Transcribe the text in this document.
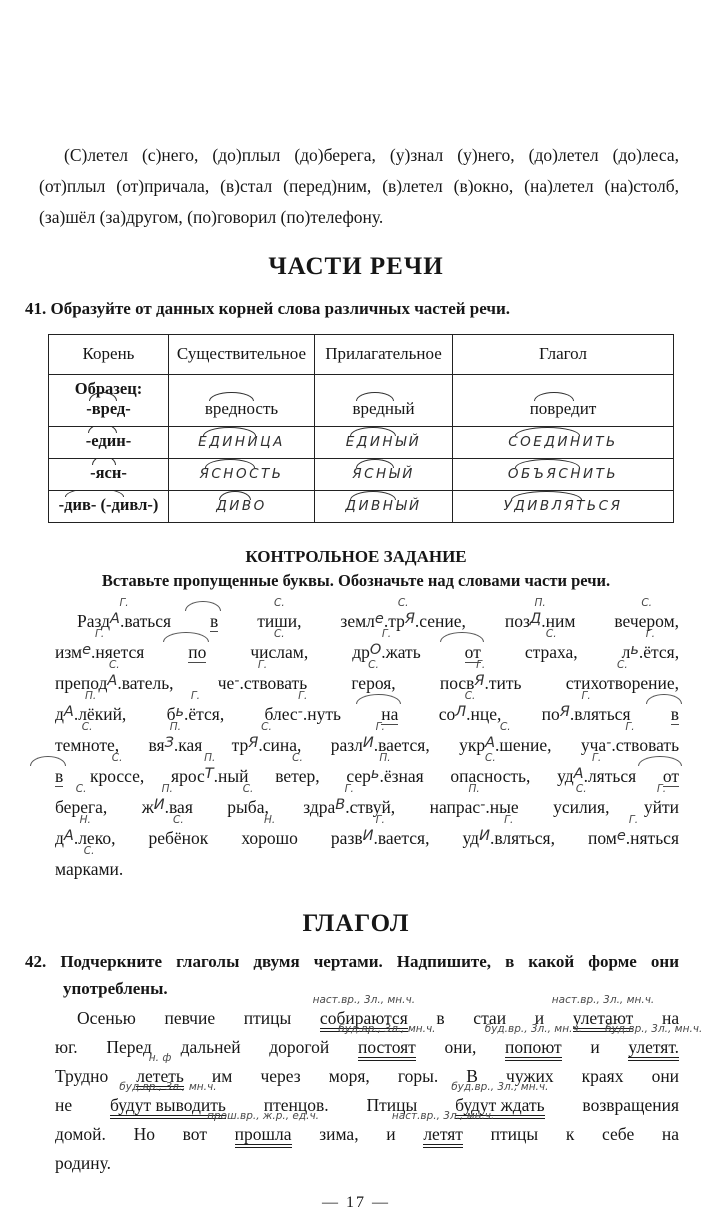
(С)летел (с)него, (до)плыл (до)берега, (у)знал (у)него, (до)летел (до)леса, (от)плыл (от)причала, (в)стал (перед)ним, (в)летел (в)окно, (на)летел (на)столб, (за)шёл (за)другом, (по)говорил (по)телефону.

ЧАСТИ РЕЧИ

41. Образуйте от данных корней слова различных частей речи.

Корень	Существительное	Прилагательное	Глагол
Образец: -вред-	вредность	вредный	повредит
-един-	ЕДИНИЦА	ЕДИНЫЙ	СОЕДИНИТЬ
-ясн-	ЯСНОСТЬ	ЯСНЫЙ	ОБЪЯСНИТЬ
-див- (-дивл-)	ДИВО	ДИВНЫЙ	УДИВЛЯТЬСЯ
КОНТРОЛЬНОЕ ЗАДАНИЕ
Вставьте пропущенные буквы. Обозначьте над словами части речи.

Г.
Разд$^А$.ваться в
С.
тиши,
С.
$земл^е.тр^Я.сение$,
П.
поз$^Д$.ним
С.
вечером,
Г.
изм$^е$.няется	по
С.
числам,
Г.
$др^О.жать$	от
С.
страха,
Г.
$л^ь.ётся$,
С.
препод$^А$.ватель,
Г.
че-.ствовать
С.
героя,
Г.
посв$^Я$.тить
С.
стихотворение,
П.
$д^А.лёкий$,
Г.
$б^ь.ётся$,
Г.
блес-.нуть на
С.
$со^Л.нце$,
Г.
$по^Я.вляться$ в
С.
темноте,
П.
$вя^З.кая$
С.
$тр^Я.сина$,
Г.
разл$^И$.вается,
С.
укр$^А$.шение,
Г.
уча-.ствовать в
С.
кроссе,
П.
ярос$^Т$.ный
С.
ветер,
П.
сер$^ь$.ёзная
С.
опасность,
Г.
$уд^А.ляться$ от
С.
берега,
П.
$ж^И.вая$
С.
рыба,
Г.
здра$^В$.ствуй,
П.
напрас-.ные
С.
усилия,
Г.
уйти
Н.
$д^А.леко$,
С.
ребёнок
Н.
хорошо
Г.
разв$^И$.вается,
Г.
$уд^И.вляться$,
Г.
пом$^е$.няться
С.
марками.

ГЛАГОЛ

42. Подчеркните глаголы двумя чертами. Надпишите, в какой форме они употреблены.

Осенью певчие птицы
наст.вр., 3л., мн.ч.
собираются в стаи и
наст.вр., 3л., мн.ч.
улетают на юг. Перед дальней дорогой
буд.вр., 3л., мн.ч.
постоят они,
буд.вр., 3л., мн.ч.
попоют и
буд.вр., 3л., мн.ч.
улетят. Трудно
н. ф
лететь им через моря, горы. В чужих краях они не
буд.вр., 3л., мн.ч.
будут выводить птенцов. Птицы
буд.вр., 3л., мн.ч.
будут ждать возвращения домой. Но вот
прош.вр., ж.р., ед.ч.
прошла зима, и
наст.вр., 3л., мн.ч.
летят птицы к себе на родину.

— 17 —
